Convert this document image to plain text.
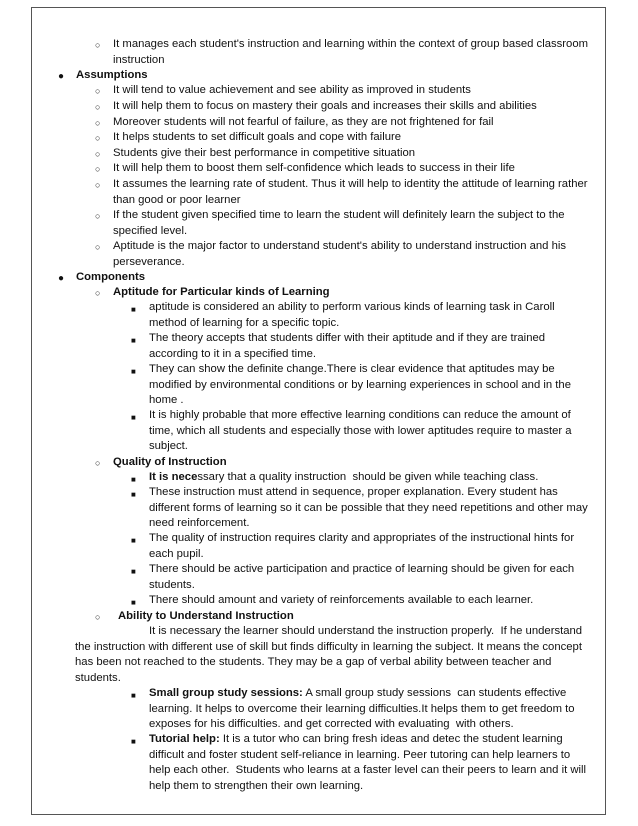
○ It manages each student's instruction and learning within the context of group based classroom
instruction
● Assumptions
○ It will tend to value achievement and see ability as improved in students
○ It will help them to focus on mastery their goals and increases their skills and abilities
○ Moreover students will not fearful of failure, as they are not frightened for fail
○ It helps students to set difficult goals and cope with failure
○ Students give their best performance in competitive situation
○ It will help them to boost them self-confidence which leads to success in their life
○ It assumes the learning rate of student. Thus it will help to identity the attitude of learning rather
than good or poor learner
○ If the student given specified time to learn the student will definitely learn the subject to the
specified level.
○ Aptitude is the major factor to understand student's ability to understand instruction and his
perseverance.
● Components
○ Aptitude for Particular kinds of Learning
■ aptitude is considered an ability to perform various kinds of learning task in Caroll
method of learning for a specific topic.
■ The theory accepts that students differ with their aptitude and if they are trained
according to it in a specified time.
■ They can show the definite change.There is clear evidence that aptitudes may be
modified by environmental conditions or by learning experiences in school and in the
home .
■ It is highly probable that more effective learning conditions can reduce the amount of
time, which all students and especially those with lower aptitudes require to master a
subject.
○ Quality of Instruction
■ It is necessary that a quality instruction  should be given while teaching class.
■ These instruction must attend in sequence, proper explanation. Every student has
different forms of learning so it can be possible that they need repetitions and other may
need reinforcement.
■ The quality of instruction requires clarity and appropriates of the instructional hints for
each pupil.
■ There should be active participation and practice of learning should be given for each
students.
■ There should amount and variety of reinforcements available to each learner.
○ Ability to Understand Instruction
It is necessary the learner should understand the instruction properly.  If he understand
the instruction with different use of skill but finds difficulty in learning the subject. It means the concept
has been not reached to the students. They may be a gap of verbal ability between teacher and
students.
■ Small group study sessions: A small group study sessions  can students effective
learning. It helps to overcome their learning difficulties.It helps them to get freedom to
exposes for his difficulties. and get corrected with evaluating  with others.
■ Tutorial help: It is a tutor who can bring fresh ideas and detec the student learning
difficult and foster student self-reliance in learning. Peer tutoring can help learners to
help each other.  Students who learns at a faster level can their peers to learn and it will
help them to strengthen their own learning.
